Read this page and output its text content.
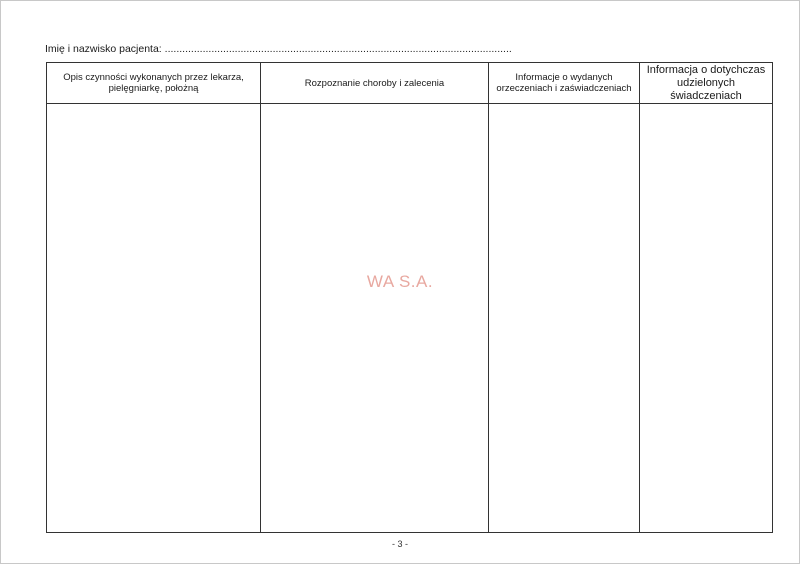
Imię i nazwisko pacjenta: .......................................................................................................................
Opis czynności wykonanych przez lekarza, pielęgniarkę, położną	Rozpoznanie choroby i zalecenia	Informacje o wydanych orzeczeniach i zaświadczeniach	Informacja o dotychczas udzielonych świadczeniach

WA S.A.
- 3 -
